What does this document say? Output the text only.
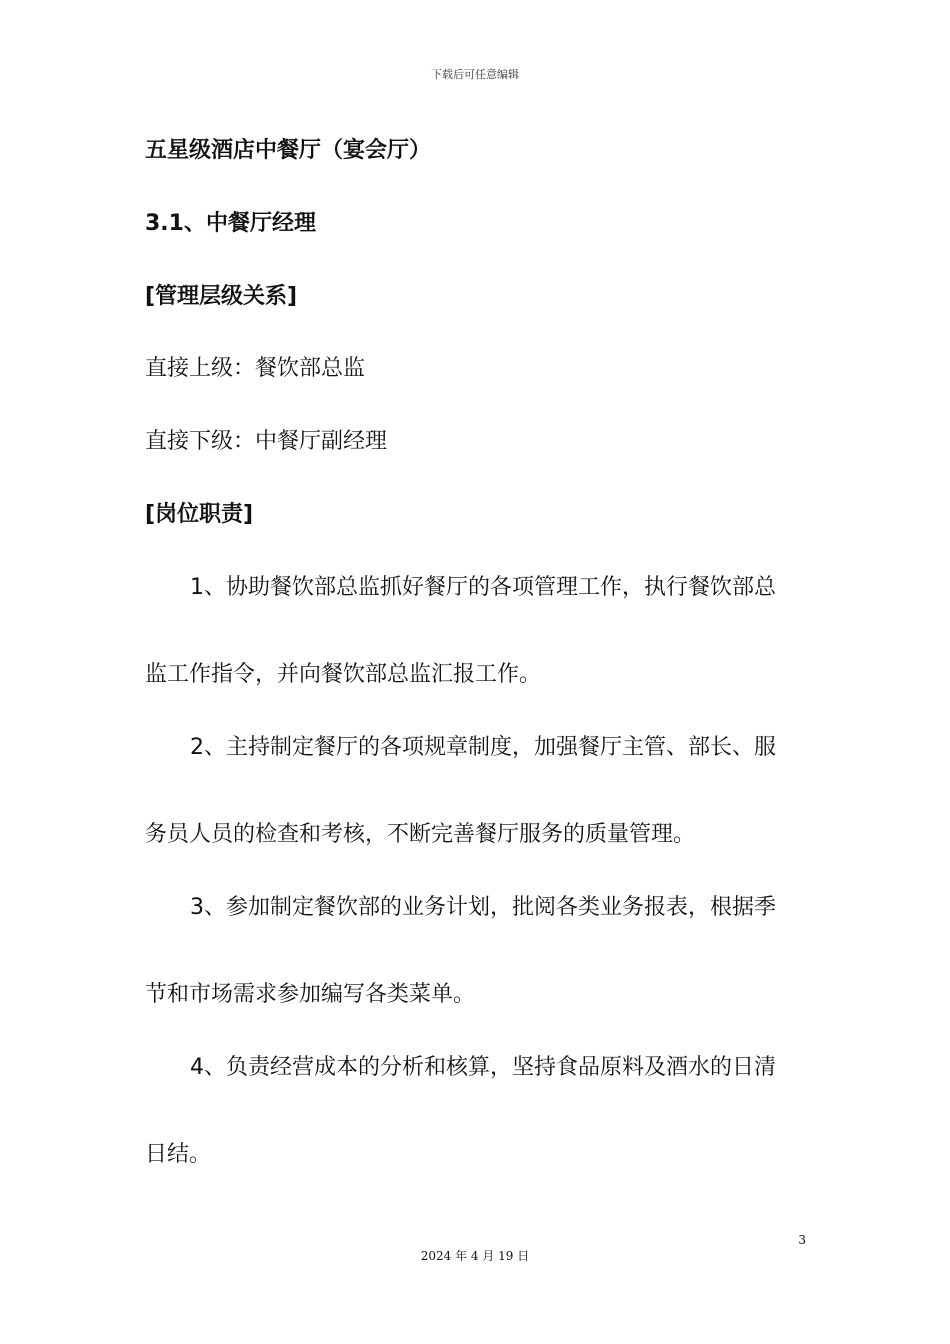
下载后可任意编辑
五星级酒店中餐厅（宴会厅）
3.1、中餐厅经理
[管理层级关系]
直接上级：餐饮部总监
直接下级：中餐厅副经理
[岗位职责]
1、协助餐饮部总监抓好餐厅的各项管理工作，执行餐饮部总
监工作指令，并向餐饮部总监汇报工作。
2、主持制定餐厅的各项规章制度，加强餐厅主管、部长、服
务员人员的检查和考核，不断完善餐厅服务的质量管理。
3、参加制定餐饮部的业务计划，批阅各类业务报表，根据季
节和市场需求参加编写各类菜单。
4、负责经营成本的分析和核算，坚持食品原料及酒水的日清
日结。
3
2024 年 4 月 19 日
